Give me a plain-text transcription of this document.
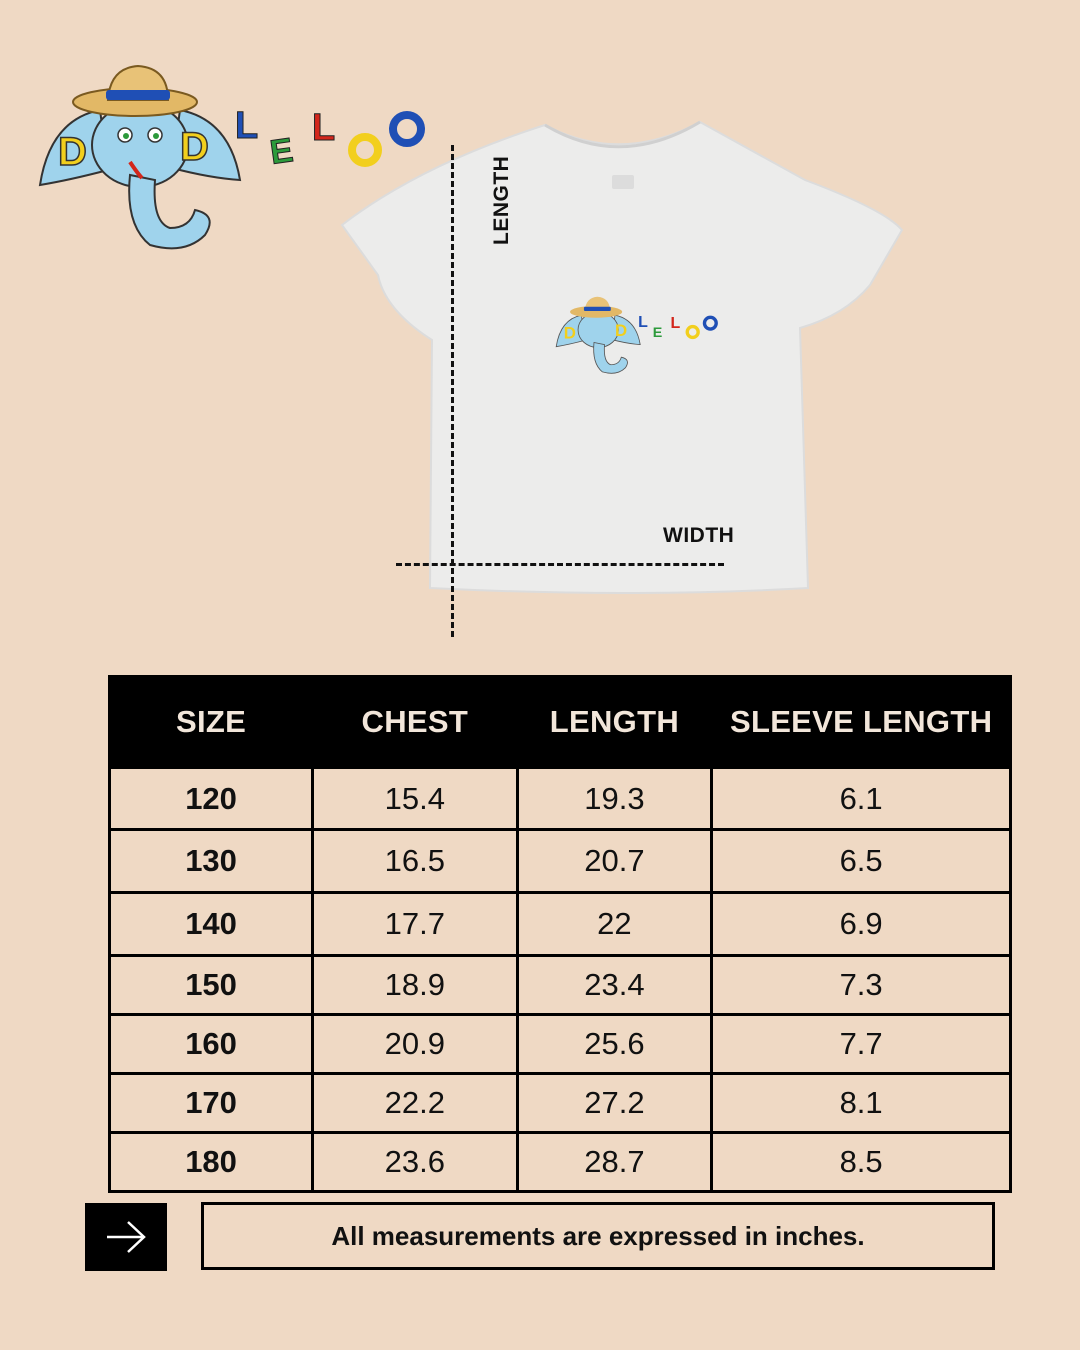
D D L
E
L
D D L
E
L
LENGTH
WIDTH
SIZE	CHEST	LENGTH	SLEEVE LENGTH
120	15.4	19.3	6.1
130	16.5	20.7	6.5
140	17.7	22	6.9
150	18.9	23.4	7.3
160	20.9	25.6	7.7
170	22.2	27.2	8.1
180	23.6	28.7	8.5
All measurements are expressed in inches.
